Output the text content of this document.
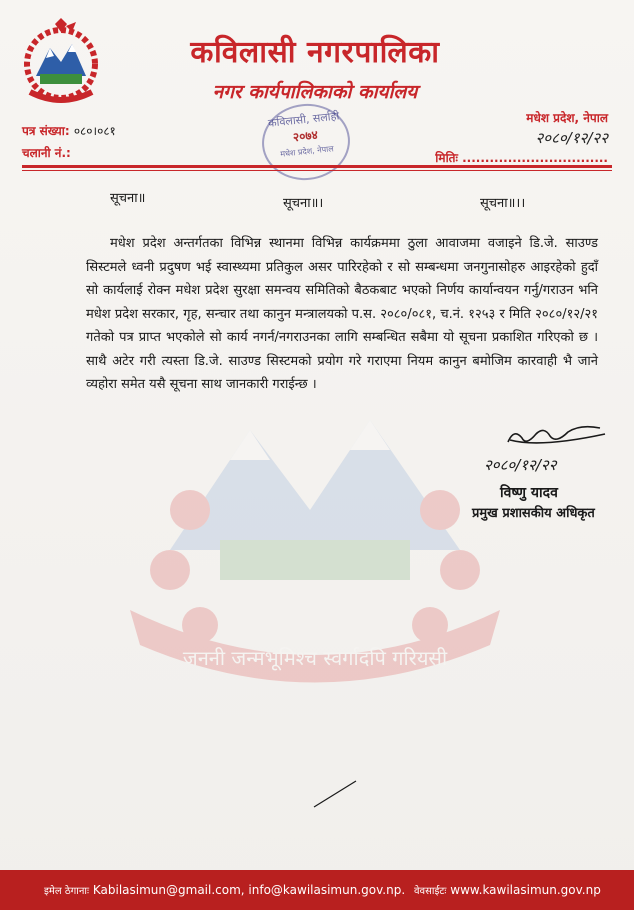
कविलासी नगरपालिका
नगर कार्यपालिकाको कार्यालय
कविलासी, सर्लाही
२०७४
मधेश प्रदेश, नेपाल
पत्र संख्या: ०८०।०८१
चलानी नं.:
मधेश प्रदेश, नेपाल
२०८०/१२/२२
मितिः ................................
सूचना॥	सूचना॥।	सूचना॥।।
जननी जन्मभूमिश्च स्वर्गादपि गरियसी
मधेश प्रदेश अन्तर्गतका विभिन्न स्थानमा विभिन्न कार्यक्रममा ठुला आवाजमा वजाइने डि.जे. साउण्ड सिस्टमले ध्वनी प्रदुषण भई स्वास्थ्यमा प्रतिकुल असर पारिरहेको र सो सम्बन्धमा जनगुनासोहरु आइरहेको हुदाँ सो कार्यलाई रोक्न मधेश प्रदेश सुरक्षा समन्वय समितिको बैठकबाट भएको निर्णय कार्यान्वयन गर्नु/गराउन भनि मधेश प्रदेश सरकार, गृह, सन्चार तथा कानुन मन्त्रालयको प.स. २०८०/०८१, च.नं. १२५३ र मिति २०८०/१२/२१ गतेको पत्र प्राप्त भएकोले सो कार्य नगर्न/नगराउनका लागि सम्बन्धित सबैमा यो सूचना प्रकाशित गरिएको छ । साथै अटेर गरी त्यस्ता डि.जे. साउण्ड सिस्टमको प्रयोग गरे गराएमा नियम कानुन बमोजिम कारवाही भै जाने व्यहोरा समेत यसै सूचना साथ जानकारी गराईन्छ ।
२०८०/१२/२२
विष्णु यादव
प्रमुख प्रशासकीय अधिकृत
इमेल ठेगानाः Kabilasimun@gmail.com, info@kawilasimun.gov.np. वेवसाईटः www.kawilasimun.gov.np
